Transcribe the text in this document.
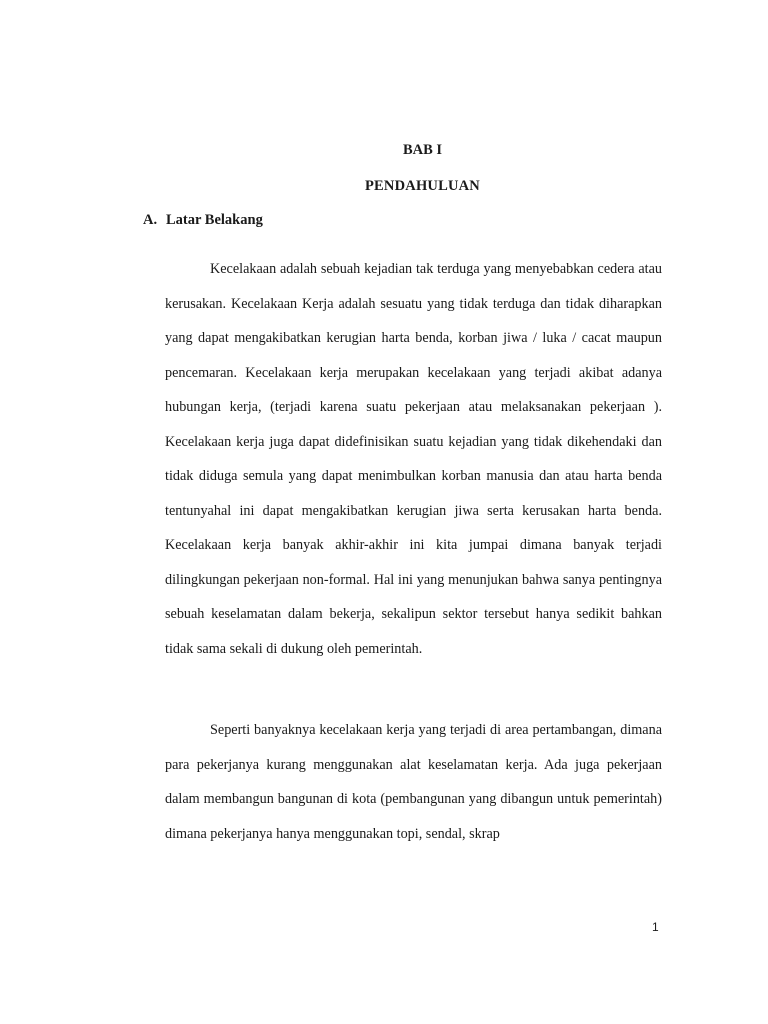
BAB I
PENDAHULUAN
A. Latar Belakang

Kecelakaan adalah sebuah kejadian tak terduga yang menyebabkan cedera atau kerusakan. Kecelakaan Kerja adalah sesuatu yang tidak terduga dan tidak diharapkan yang dapat mengakibatkan kerugian harta benda, korban jiwa / luka / cacat maupun pencemaran. Kecelakaan kerja merupakan kecelakaan yang terjadi akibat adanya hubungan kerja, (terjadi karena suatu pekerjaan atau melaksanakan pekerjaan ). Kecelakaan kerja juga dapat didefinisikan suatu kejadian yang tidak dikehendaki dan tidak diduga semula yang dapat menimbulkan korban manusia dan atau harta benda tentunyahal ini dapat mengakibatkan kerugian jiwa serta kerusakan harta benda. Kecelakaan kerja banyak akhir-akhir ini kita jumpai dimana banyak terjadi dilingkungan pekerjaan non-formal. Hal ini yang menunjukan bahwa sanya pentingnya sebuah keselamatan dalam bekerja, sekalipun sektor tersebut hanya sedikit bahkan tidak sama sekali di dukung oleh pemerintah.

Seperti banyaknya kecelakaan kerja yang terjadi di area pertambangan, dimana para pekerjanya kurang menggunakan alat keselamatan kerja. Ada juga pekerjaan dalam membangun bangunan di kota (pembangunan yang dibangun untuk pemerintah) dimana pekerjanya hanya menggunakan topi, sendal, skrap

1
